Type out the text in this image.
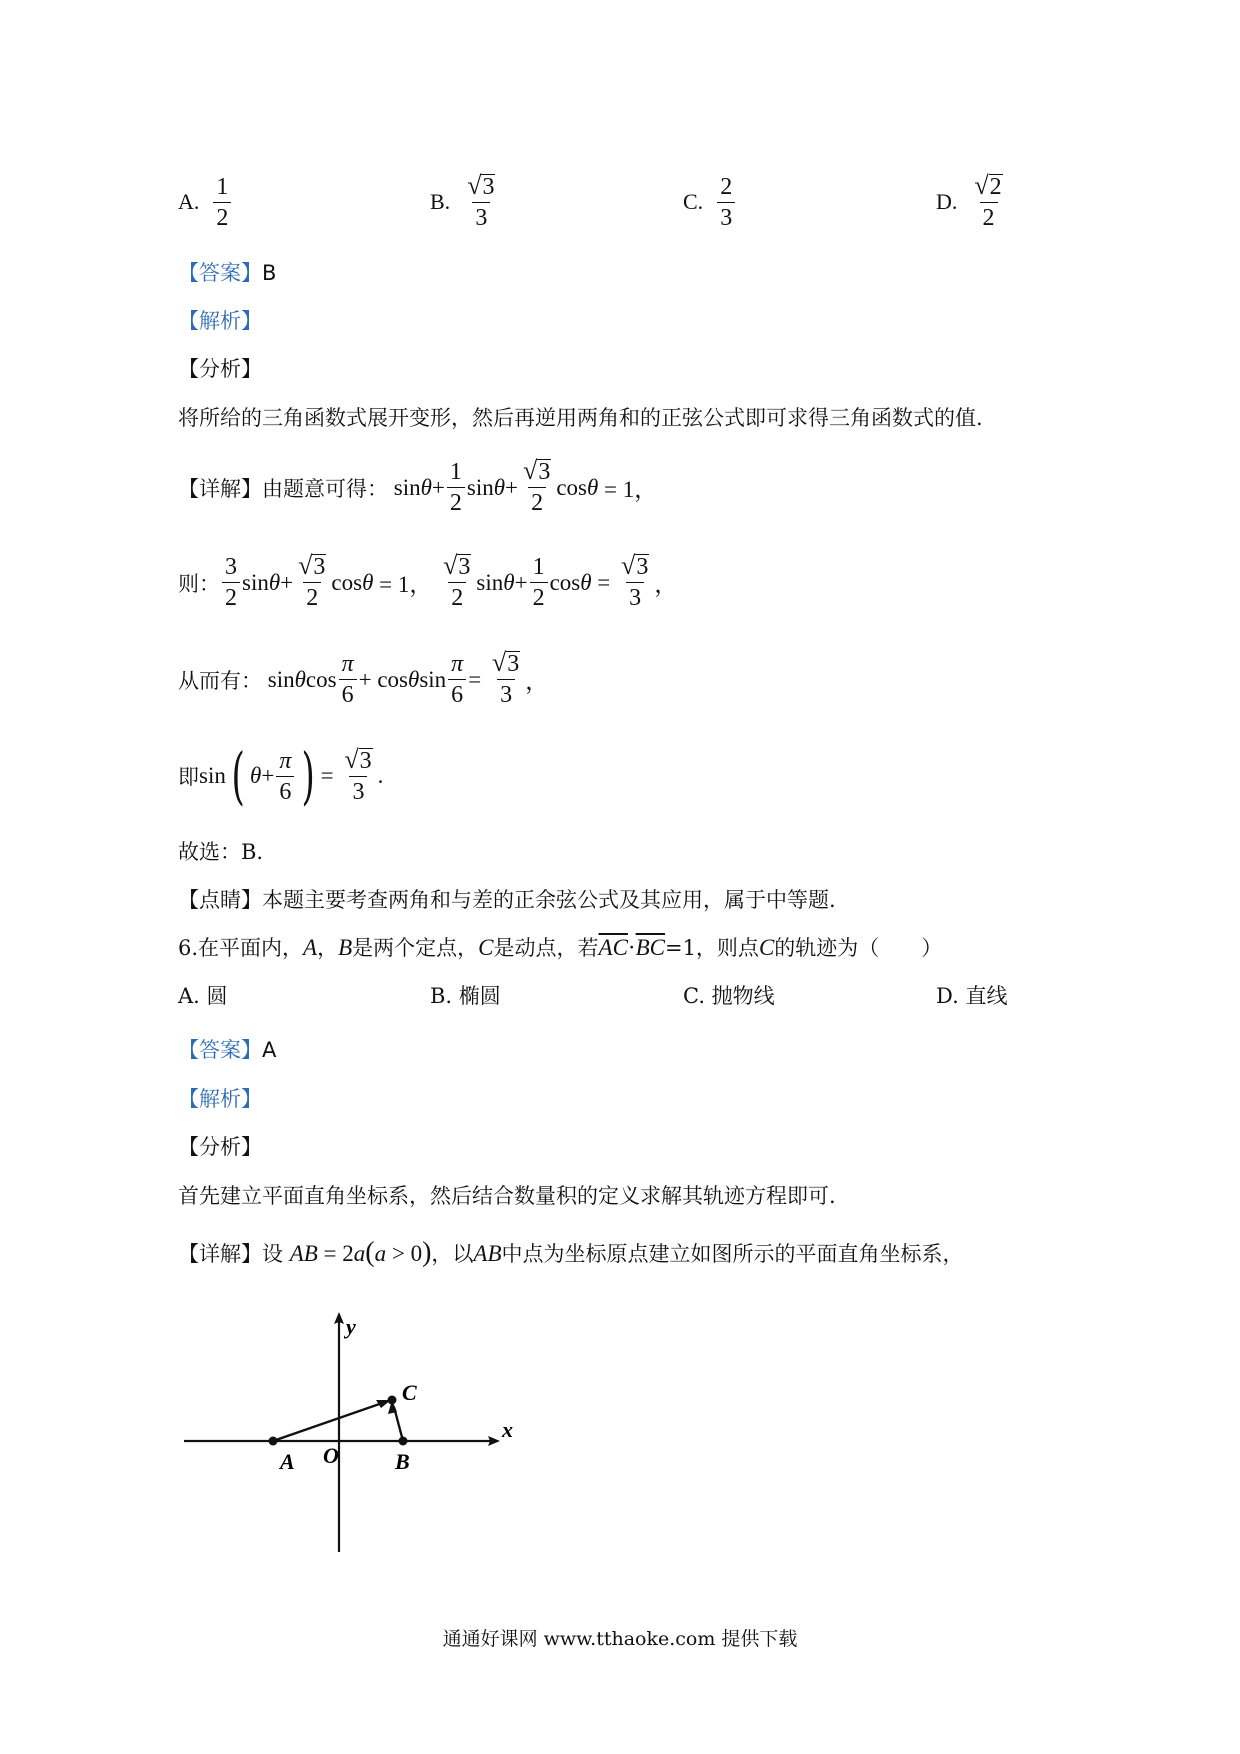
A. $\frac{1}{2}$	B. $\frac{√ 3}{3}$	C. $\frac{2}{3}$	D. $\frac{√ 2}{2}$
【答案】B
【解析】
【分析】
将所给的三角函数式展开变形，然后再逆用两角和的正弦公式即可求得三角函数式的值.
【详解】 由题意可得： $\sin \theta + \frac{1}{2}$ $\sin \theta + \frac{√ 3}{2}$ cos θ = 1，
则： $\frac{3}{2}$ $\sin \theta + \frac{√ 3}{2}$ cos θ = 1， $\frac{√ 3}{2}$ $\sin \theta + \frac{1}{2}$ $\cos \theta = \frac{√ 3}{3}$ ，
从而有： sin θ $\cos \frac{\pi}{6} + \cos \theta$ $\sin \frac{\pi}{6} = \frac{√ 3}{3}$ ，
即 sin ( $\theta + \frac{\pi}{6}$ ) = $\frac{√ 3}{3}$ .
故选：B.
【点睛】本题主要考查两角和与差的正余弦公式及其应用，属于中等题.
6.在平面内，A，B是两个定点，C是动点，若$\overline{AC}\cdot\overline{BC}=1$，则点C的轨迹为（　　）
A. 圆	B. 椭圆	C. 抛物线	D. 直线
【答案】A
【解析】
【分析】
首先建立平面直角坐标系，然后结合数量积的定义求解其轨迹方程即可.
【详解】设 AB = 2a(a > 0)，以AB中点为坐标原点建立如图所示的平面直角坐标系，
x
y
A O	B
C
通通好课网 www.tthaoke.com 提供下载
